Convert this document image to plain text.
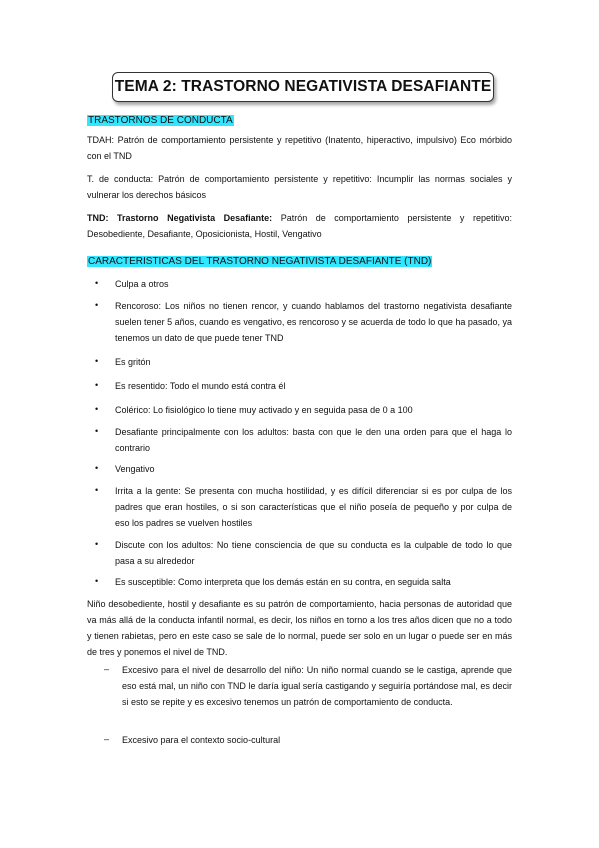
TEMA 2: TRASTORNO NEGATIVISTA DESAFIANTE
TRASTORNOS DE CONDUCTA
TDAH: Patrón de comportamiento persistente y repetitivo (Inatento, hiperactivo, impulsivo) Eco mórbido con el TND
T. de conducta: Patrón de comportamiento persistente y repetitivo: Incumplir las normas sociales y vulnerar los derechos básicos
TND: Trastorno Negativista Desafiante: Patrón de comportamiento persistente y repetitivo: Desobediente, Desafiante, Oposicionista, Hostil, Vengativo
CARACTERISTICAS DEL TRASTORNO NEGATIVISTA DESAFIANTE (TND)
• Culpa a otros
• Rencoroso: Los niños no tienen rencor, y cuando hablamos del trastorno negativista desafiante suelen tener 5 años, cuando es vengativo, es rencoroso y se acuerda de todo lo que ha pasado, ya tenemos un dato de que puede tener TND
• Es gritón
• Es resentido: Todo el mundo está contra él
• Colérico: Lo fisiológico lo tiene muy activado y en seguida pasa de 0 a 100
• Desafiante principalmente con los adultos: basta con que le den una orden para que el haga lo contrario
• Vengativo
• Irrita a la gente: Se presenta con mucha hostilidad, y es difícil diferenciar si es por culpa de los padres que eran hostiles, o si son características que el niño poseía de pequeño y por culpa de eso los padres se vuelven hostiles
• Discute con los adultos: No tiene consciencia de que su conducta es la culpable de todo lo que pasa a su alrededor
• Es susceptible: Como interpreta que los demás están en su contra, en seguida salta
Niño desobediente, hostil y desafiante es su patrón de comportamiento, hacia personas de autoridad que va más allá de la conducta infantil normal, es decir, los niños en torno a los tres años dicen que no a todo y tienen rabietas, pero en este caso se sale de lo normal, puede ser solo en un lugar o puede ser en más de tres y ponemos el nivel de TND.
– Excesivo para el nivel de desarrollo del niño: Un niño normal cuando se le castiga, aprende que eso está mal, un niño con TND le daría igual sería castigando y seguiría portándose mal, es decir si esto se repite y es excesivo tenemos un patrón de comportamiento de conducta.
– Excesivo para el contexto socio-cultural
